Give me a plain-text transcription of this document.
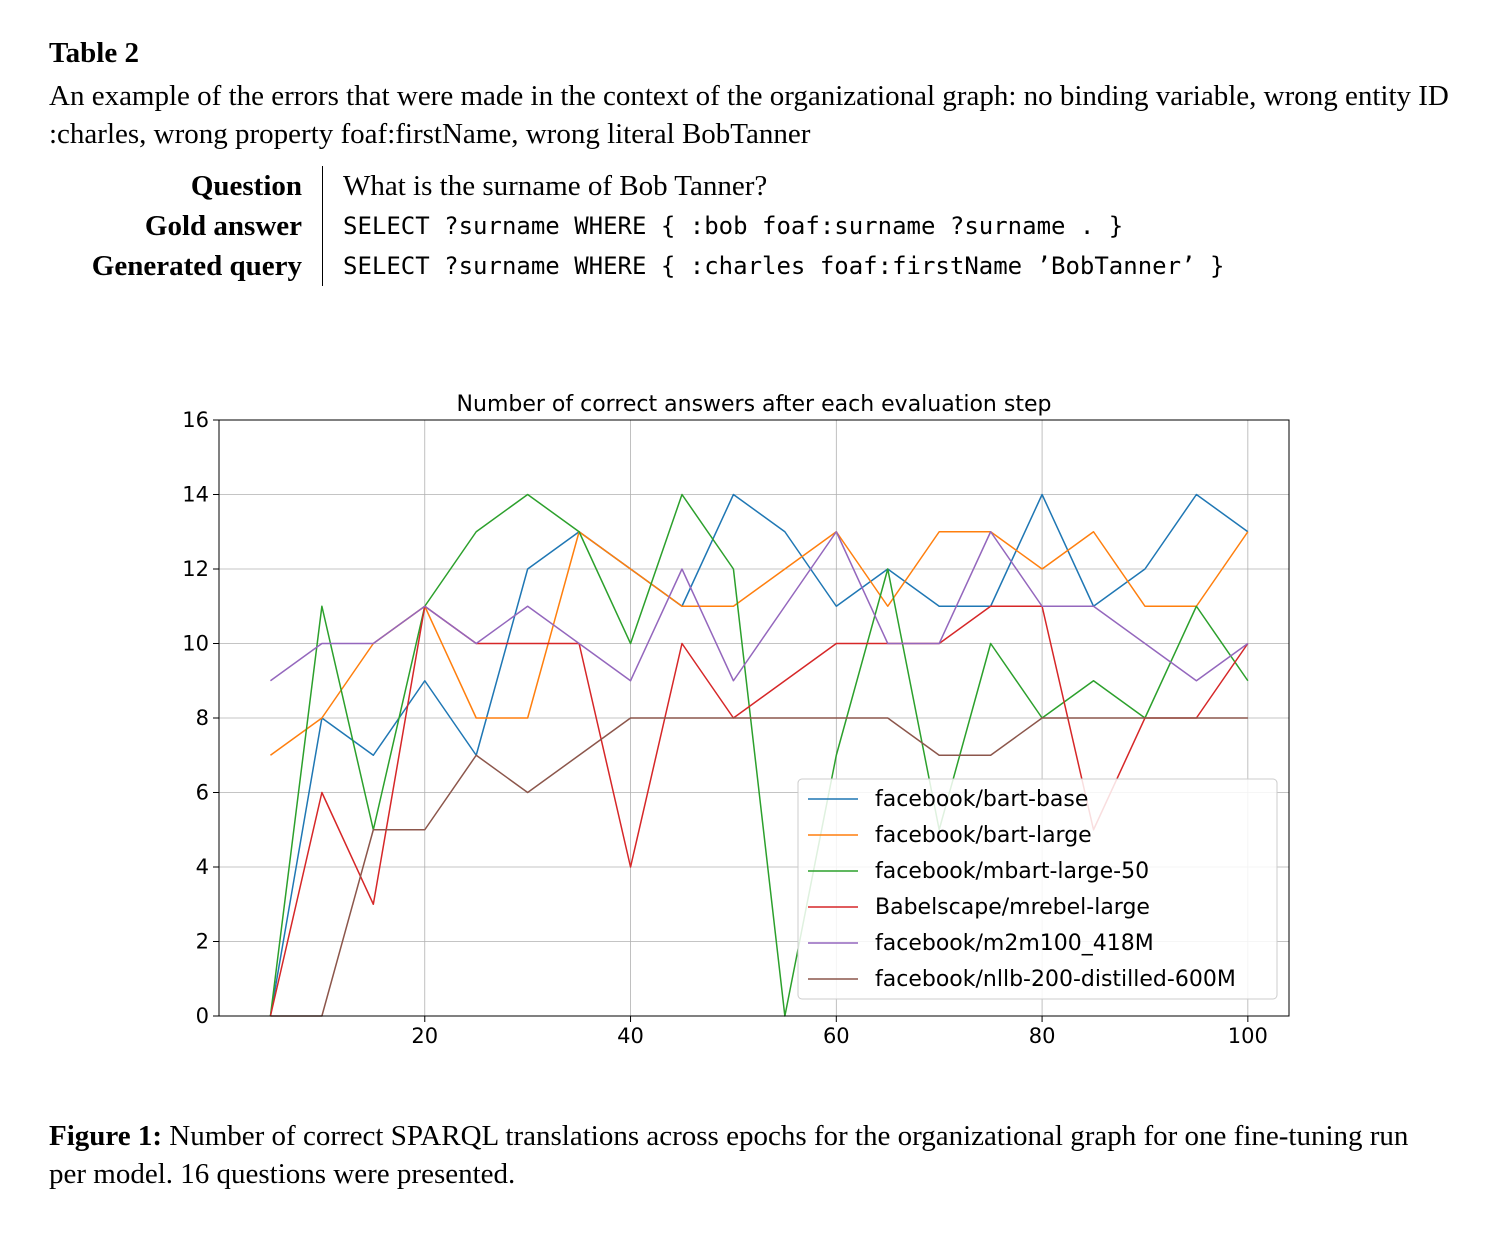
Table 2
An example of the errors that were made in the context of the organizational graph: no binding variable, wrong entity ID :charles, wrong property foaf:firstName, wrong literal BobTanner
Question	What is the surname of Bob Tanner?
Gold answer	SELECT ?surname WHERE { :bob foaf:surname ?surname . }
Generated query	SELECT ?surname WHERE { :charles foaf:firstName ’BobTanner’ }
20	40	60	80	100
0
2
4
6
8
10
12
14
16
Number of correct answers after each evaluation step
facebook/bart-base
facebook/bart-large
facebook/mbart-large-50
Babelscape/mrebel-large
facebook/m2m100_418M
facebook/nllb-200-distilled-600M
Figure 1: Number of correct SPARQL translations across epochs for the organizational graph for one fine-tuning run per model. 16 questions were presented.
